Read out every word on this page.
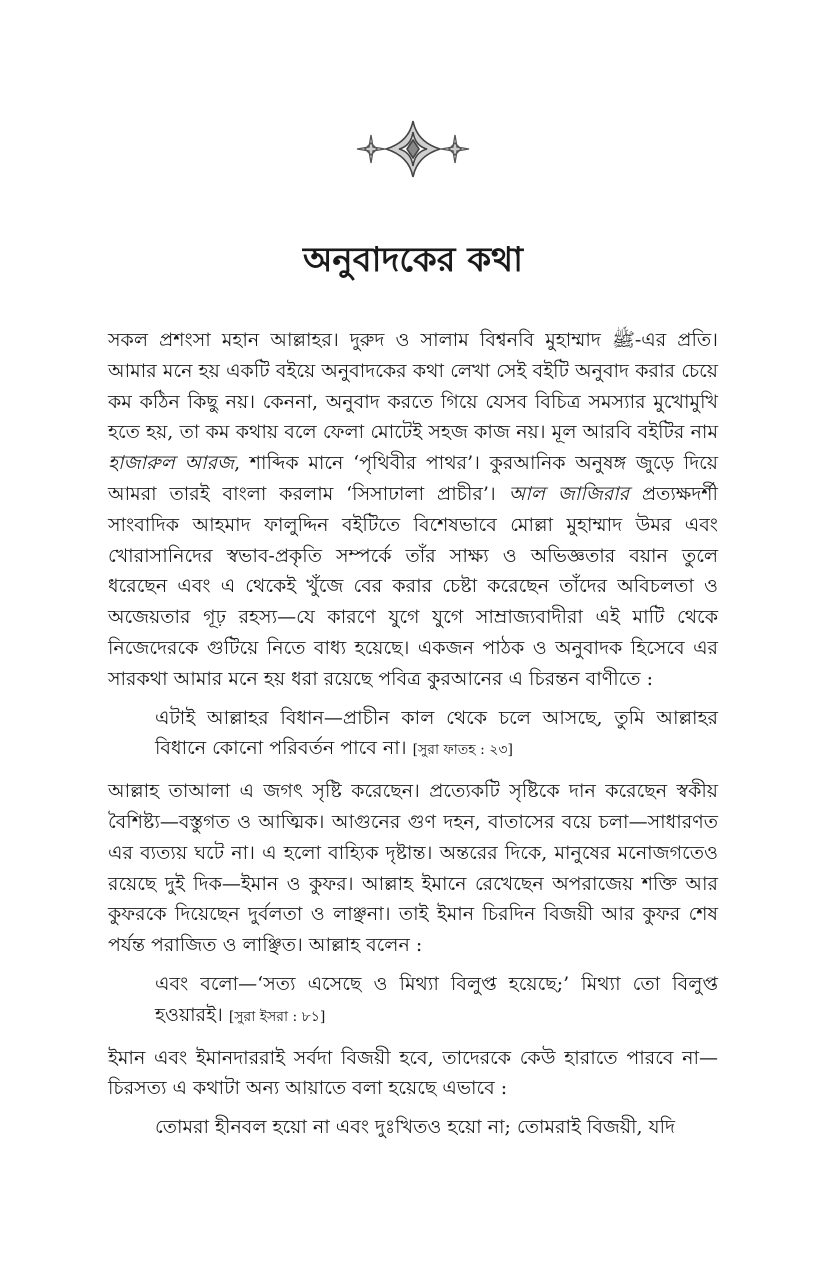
অনুবাদকের কথা

সকল প্রশংসা মহান আল্লাহর। দুরুদ ও সালাম বিশ্বনবি মুহাম্মাদ ﷺ-এর প্রতি। আমার মনে হয় একটি বইয়ে অনুবাদকের কথা লেখা সেই বইটি অনুবাদ করার চেয়ে কম কঠিন কিছু নয়। কেননা, অনুবাদ করতে গিয়ে যেসব বিচিত্র সমস্যার মুখোমুখি হতে হয়, তা কম কথায় বলে ফেলা মোটেই সহজ কাজ নয়। মূল আরবি বইটির নাম হাজারুল আরজ, শাব্দিক মানে ‘পৃথিবীর পাথর’। কুরআনিক অনুষঙ্গ জুড়ে দিয়ে আমরা তারই বাংলা করলাম ‘সিসাঢালা প্রাচীর’। আল জাজিরার প্রত্যক্ষদর্শী সাংবাদিক আহমাদ ফালুদ্দিন বইটিতে বিশেষভাবে মোল্লা মুহাম্মাদ উমর এবং খোরাসানিদের স্বভাব-প্রকৃতি সম্পর্কে তাঁর সাক্ষ্য ও অভিজ্ঞতার বয়ান তুলে ধরেছেন এবং এ থেকেই খুঁজে বের করার চেষ্টা করেছেন তাঁদের অবিচলতা ও অজেয়তার গূঢ় রহস্য—যে কারণে যুগে যুগে সাম্রাজ্যবাদীরা এই মাটি থেকে নিজেদেরকে গুটিয়ে নিতে বাধ্য হয়েছে। একজন পাঠক ও অনুবাদক হিসেবে এর সারকথা আমার মনে হয় ধরা রয়েছে পবিত্র কুরআনের এ চিরন্তন বাণীতে :

এটাই আল্লাহর বিধান—প্রাচীন কাল থেকে চলে আসছে, তুমি আল্লাহর বিধানে কোনো পরিবর্তন পাবে না। [সুরা ফাতহ : ২৩]

আল্লাহ তাআলা এ জগৎ সৃষ্টি করেছেন। প্রত্যেকটি সৃষ্টিকে দান করেছেন স্বকীয় বৈশিষ্ট্য—বস্তুগত ও আত্মিক। আগুনের গুণ দহন, বাতাসের বয়ে চলা—সাধারণত এর ব্যত্যয় ঘটে না। এ হলো বাহ্যিক দৃষ্টান্ত। অন্তরের দিকে, মানুষের মনোজগতেও রয়েছে দুই দিক—ইমান ও কুফর। আল্লাহ ইমানে রেখেছেন অপরাজেয় শক্তি আর কুফরকে দিয়েছেন দুর্বলতা ও লাঞ্ছনা। তাই ইমান চিরদিন বিজয়ী আর কুফর শেষ পর্যন্ত পরাজিত ও লাঞ্ছিত। আল্লাহ বলেন :

এবং বলো—‘সত্য এসেছে ও মিথ্যা বিলুপ্ত হয়েছে;’ মিথ্যা তো বিলুপ্ত হওয়ারই। [সুরা ইসরা : ৮১]

ইমান এবং ইমানদাররাই সর্বদা বিজয়ী হবে, তাদেরকে কেউ হারাতে পারবে না—চিরসত্য এ কথাটা অন্য আয়াতে বলা হয়েছে এভাবে :

তোমরা হীনবল হয়ো না এবং দুঃখিতও হয়ো না; তোমরাই বিজয়ী, যদি
